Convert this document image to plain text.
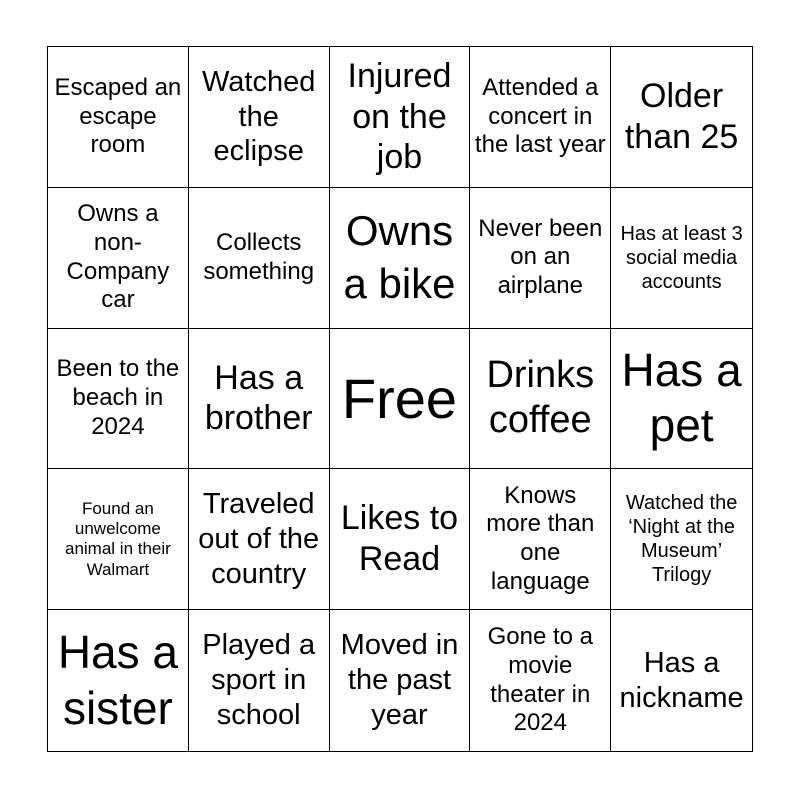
Escaped an escape room
Watched the eclipse
Injured on the job
Attended a concert in the last year
Older than 25
Owns a non-Company car
Collects something
Owns a bike
Never been on an airplane
Has at least 3 social media accounts
Been to the beach in 2024
Has a brother Free Drinks coffee
Has a pet
Found an unwelcome animal in their Walmart
Traveled out of the country
Likes to Read
Knows more than one language
Watched the ‘Night at the Museum’ Trilogy
Has a sister
Played a sport in school
Moved in the past year
Gone to a movie theater in 2024
Has a nickname
